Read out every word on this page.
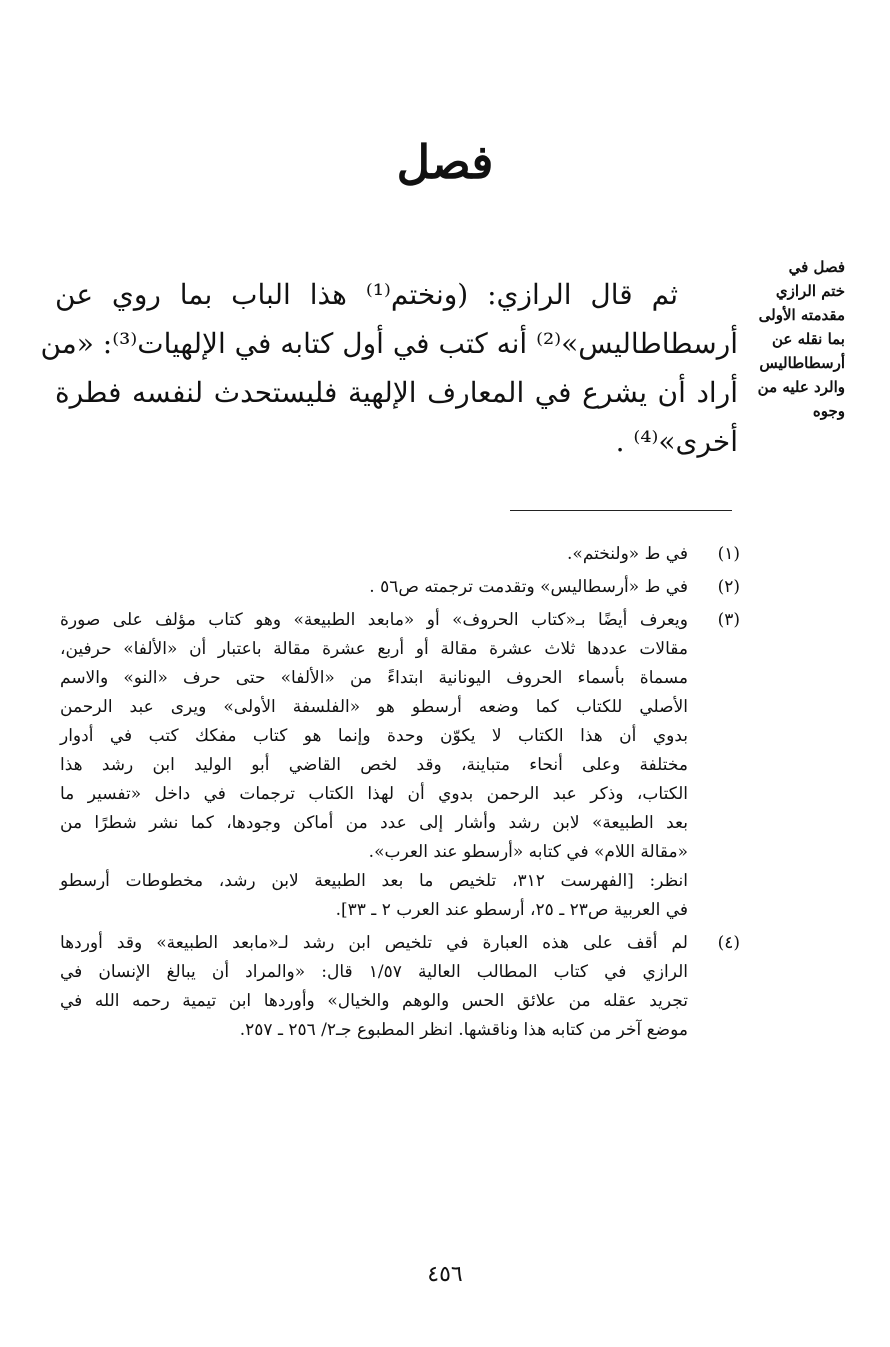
فصل
فصل في
ختم الرازي
مقدمته الأولى
بما نقله عن
أرسطاطاليس
والرد عليه من
وجوه
ثم قال الرازي: (ونختم⁽¹⁾ هذا الباب بما روي عن
أرسطاطاليس»⁽²⁾ أنه كتب في أول كتابه في الإلهيات⁽³⁾: «من
أراد أن يشرع في المعارف الإلهية فليستحدث لنفسه فطرة
أخرى»⁽⁴⁾ .
(١)
في ط «ولنختم».
(٢)
في ط «أرسطاليس» وتقدمت ترجمته ص٥٦ .
(٣)
ويعرف أيضًا بـ«كتاب الحروف» أو «مابعد الطبيعة» وهو كتاب مؤلف على صورة
مقالات عددها ثلاث عشرة مقالة أو أربع عشرة مقالة باعتبار أن «الألفا» حرفين،
مسماة بأسماء الحروف اليونانية ابتداءً من «الألفا» حتى حرف «النو» والاسم
الأصلي للكتاب كما وضعه أرسطو هو «الفلسفة الأولى» ويرى عبد الرحمن
بدوي أن هذا الكتاب لا يكوّن وحدة وإنما هو كتاب مفكك كتب في أدوار
مختلفة وعلى أنحاء متباينة، وقد لخص القاضي أبو الوليد ابن رشد هذا
الكتاب، وذكر عبد الرحمن بدوي أن لهذا الكتاب ترجمات في داخل «تفسير ما
بعد الطبيعة» لابن رشد وأشار إلى عدد من أماكن وجودها، كما نشر شطرًا من
«مقالة اللام» في كتابه «أرسطو عند العرب».
انظر: [الفهرست ٣١٢، تلخيص ما بعد الطبيعة لابن رشد، مخطوطات أرسطو
في العربية ص٢٣ ـ ٢٥، أرسطو عند العرب ٢ ـ ٣٣].
(٤)
لم أقف على هذه العبارة في تلخيص ابن رشد لـ«مابعد الطبيعة» وقد أوردها
الرازي في كتاب المطالب العالية ١/٥٧ قال: «والمراد أن يبالغ الإنسان في
تجريد عقله من علائق الحس والوهم والخيال» وأوردها ابن تيمية رحمه الله في
موضع آخر من كتابه هذا وناقشها. انظر المطبوع جـ٢/ ٢٥٦ ـ ٢٥٧.
٤٥٦
